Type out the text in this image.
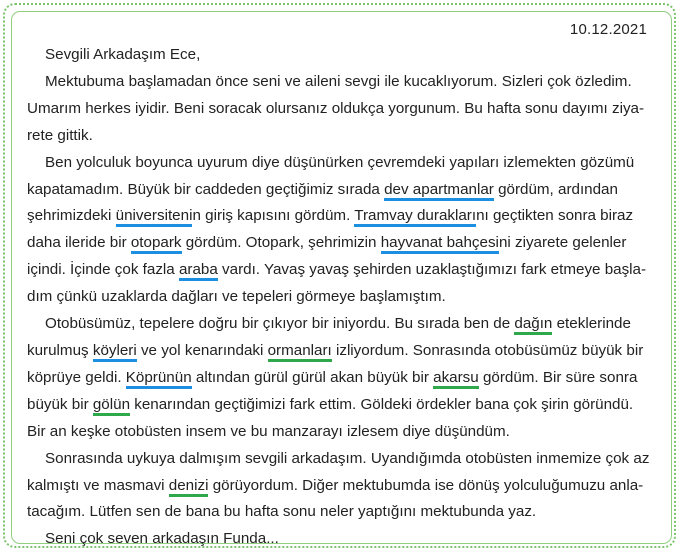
10.12.2021
Sevgili Arkadaşım Ece,
Mektubuma başlamadan önce seni ve aileni sevgi ile kucaklıyorum. Sizleri çok özledim.
Umarım herkes iyidir. Beni soracak olursanız oldukça yorgunum. Bu hafta sonu dayımı ziya-
rete gittik.
Ben yolculuk boyunca uyurum diye düşünürken çevremdeki yapıları izlemekten gözümü
kapatamadım. Büyük bir caddeden geçtiğimiz sırada dev apartmanlar gördüm, ardından
şehrimizdeki üniversitenin giriş kapısını gördüm. Tramvay duraklarını geçtikten sonra biraz
daha ileride bir otopark gördüm. Otopark, şehrimizin hayvanat bahçesini ziyarete gelenler
içindi. İçinde çok fazla araba vardı. Yavaş yavaş şehirden uzaklaştığımızı fark etmeye başla-
dım çünkü uzaklarda dağları ve tepeleri görmeye başlamıştım.
Otobüsümüz, tepelere doğru bir çıkıyor bir iniyordu. Bu sırada ben de dağın eteklerinde
kurulmuş köyleri ve yol kenarındaki ormanları izliyordum. Sonrasında otobüsümüz büyük bir
köprüye geldi. Köprünün altından gürül gürül akan büyük bir akarsu gördüm. Bir süre sonra
büyük bir gölün kenarından geçtiğimizi fark ettim. Göldeki ördekler bana çok şirin göründü.
Bir an keşke otobüsten insem ve bu manzarayı izlesem diye düşündüm.
Sonrasında uykuya dalmışım sevgili arkadaşım. Uyandığımda otobüsten inmemize çok az
kalmıştı ve masmavi denizi görüyordum. Diğer mektubumda ise dönüş yolculuğumuzu anla-
tacağım. Lütfen sen de bana bu hafta sonu neler yaptığını mektubunda yaz.
Seni çok seven arkadaşın Funda...
